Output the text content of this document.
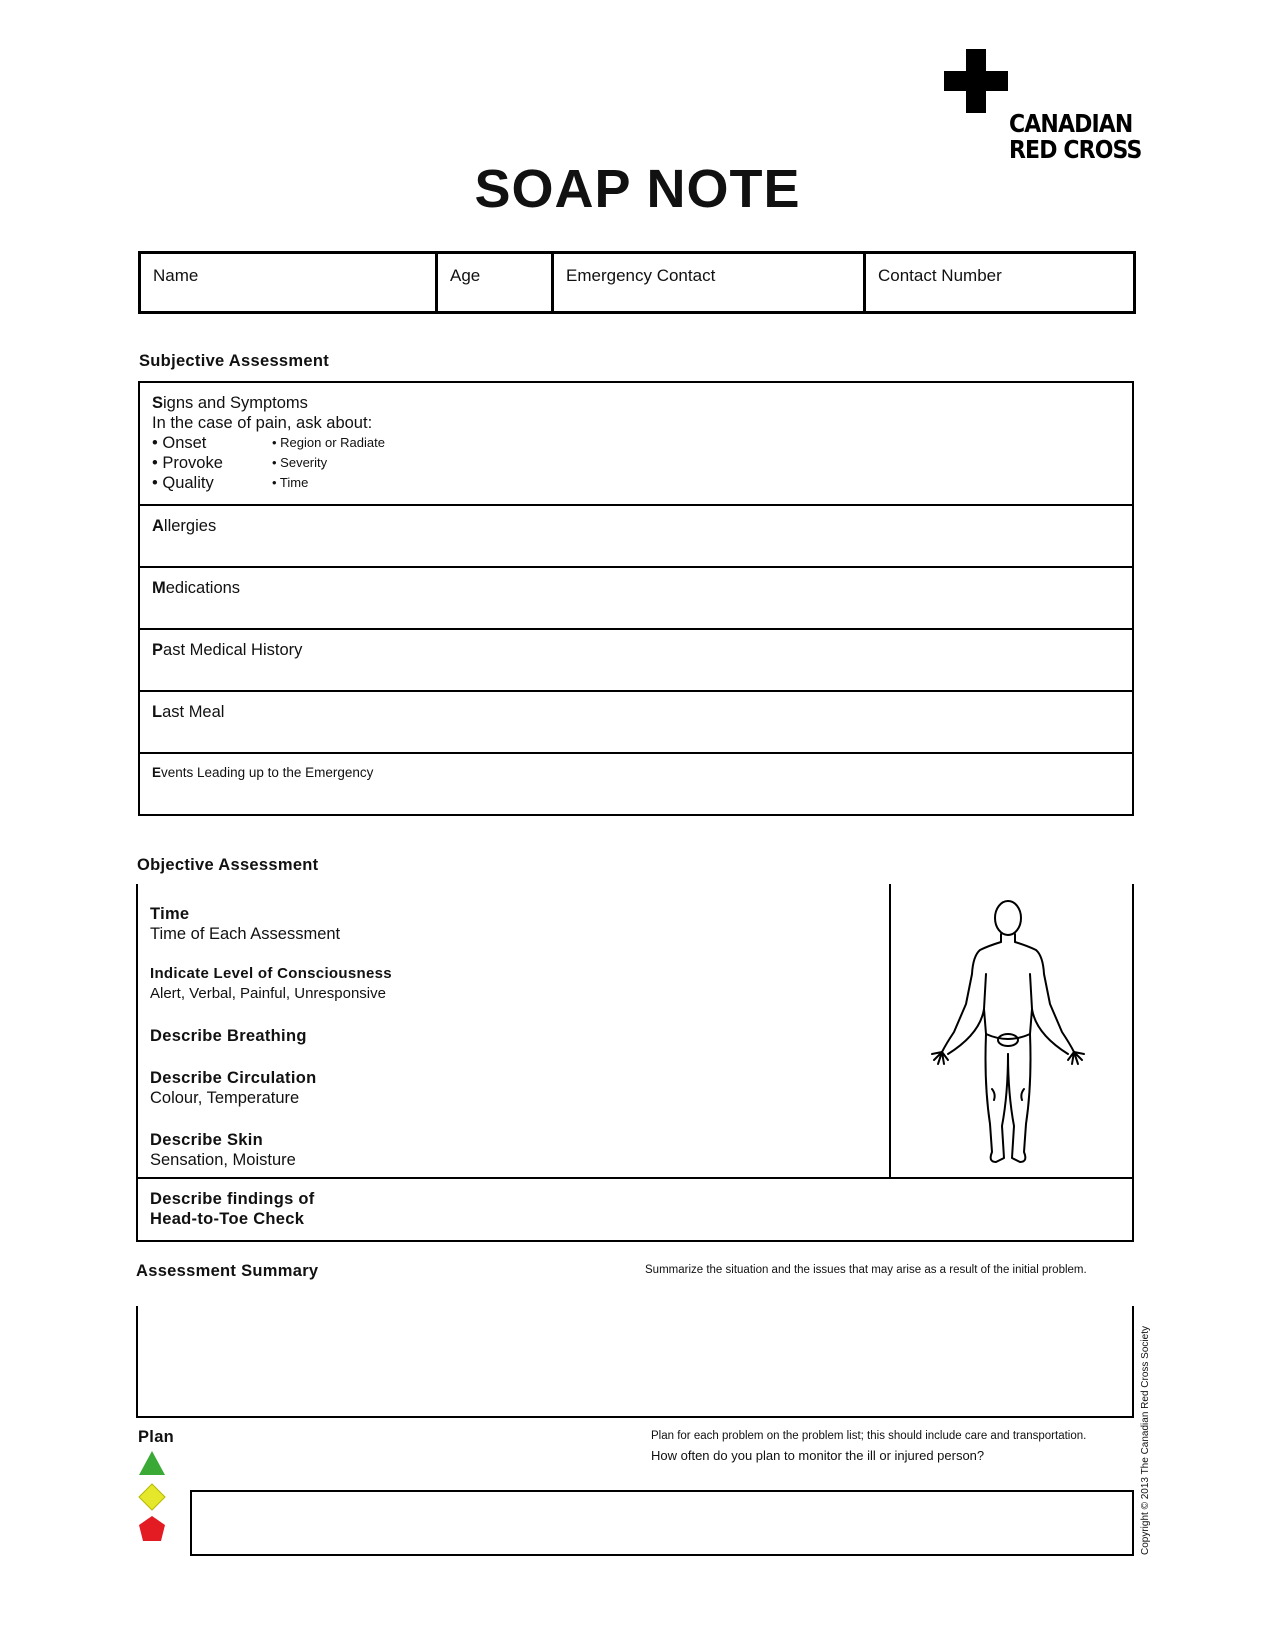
CANADIAN
RED CROSS
SOAP NOTE
Name	Age	Emergency Contact	Contact Number
Subjective Assessment
Signs and Symptoms
In the case of pain, ask about:
• Onset	• Region or Radiate
• Provoke	• Severity
• Quality	• Time
Allergies
Medications
Past Medical History
Last Meal
Events Leading up to the Emergency
Objective Assessment
Time
Time of Each Assessment
Indicate Level of Consciousness
Alert, Verbal, Painful, Unresponsive
Describe Breathing
Describe Circulation
Colour, Temperature
Describe Skin
Sensation, Moisture
Describe findings of
Head-to-Toe Check
Assessment Summary	Summarize the situation and the issues that may arise as a result of the initial problem.
Plan	Plan for each problem on the problem list; this should include care and transportation.
How often do you plan to monitor the ill or injured person?	Copyright © 2013 The Canadian Red Cross Society
